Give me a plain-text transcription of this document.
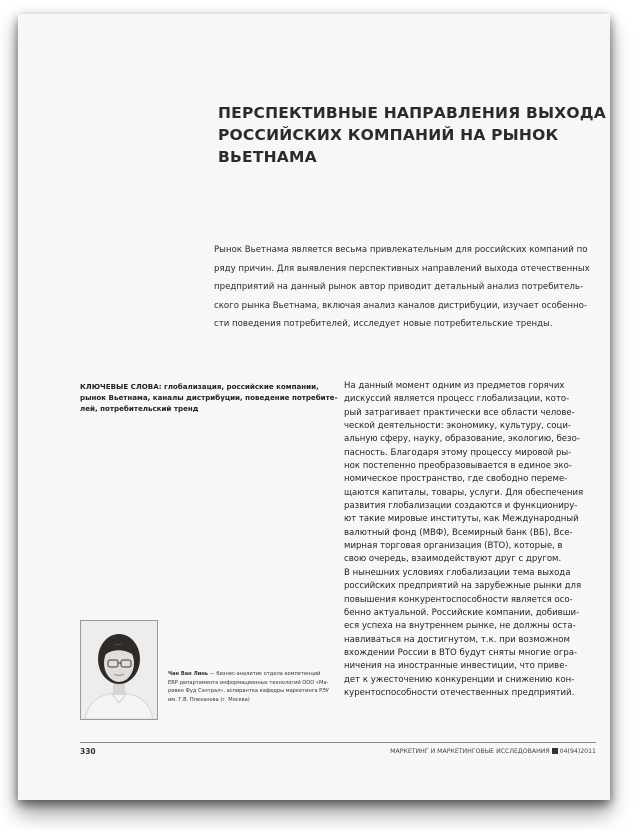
ПЕРСПЕКТИВНЫЕ НАПРАВЛЕНИЯ ВЫХОДА
РОССИЙСКИХ КОМПАНИЙ НА РЫНОК
ВЬЕТНАМА
Рынок Вьетнама является весьма привлекательным для российских компаний по
ряду причин. Для выявления перспективных направлений выхода отечественных
предприятий на данный рынок автор приводит детальный анализ потребитель-
ского рынка Вьетнама, включая анализ каналов дистрибуции, изучает особенно-
сти поведения потребителей, исследует новые потребительские тренды.
КЛЮЧЕВЫЕ СЛОВА: глобализация, российские компании,
рынок Вьетнама, каналы дистрибуции, поведение потребите-
лей, потребительский тренд
На данный момент одним из предметов горячих
дискуссий является процесс глобализации, кото-
рый затрагивает практически все области челове-
ческой деятельности: экономику, культуру, соци-
альную сферу, науку, образование, экологию, безо-
пасность. Благодаря этому процессу мировой ры-
нок постепенно преобразовывается в единое эко-
номическое пространство, где свободно переме-
щаются капиталы, товары, услуги. Для обеспечения
развития глобализации создаются и функциониру-
ют такие мировые институты, как Международный
валютный фонд (МВФ), Всемирный банк (ВБ), Все-
мирная торговая организация (ВТО), которые, в
свою очередь, взаимодействуют друг с другом.
В нынешних условиях глобализации тема выхода
российских предприятий на зарубежные рынки для
повышения конкурентоспособности является осо-
бенно актуальной. Российские компании, добивши-
еся успеха на внутреннем рынке, не должны оста-
навливаться на достигнутом, т.к. при возможном
вхождении России в ВТО будут сняты многие огра-
ничения на иностранные инвестиции, что приве-
дет к ужесточению конкуренции и снижению кон-
курентоспособности отечественных предприятий.
Чан Ван Линь — бизнес-аналитик отдела компетенций
ERP департамента информационных технологий ООО «Ма-
ревен Фуд Сэнтрал», аспирантка кафедры маркетинга РЭУ
им. Г.В. Плеханова (г. Москва)
330	МАРКЕТИНГ И МАРКЕТИНГОВЫЕ ИССЛЕДОВАНИЯ 04(94)2011
